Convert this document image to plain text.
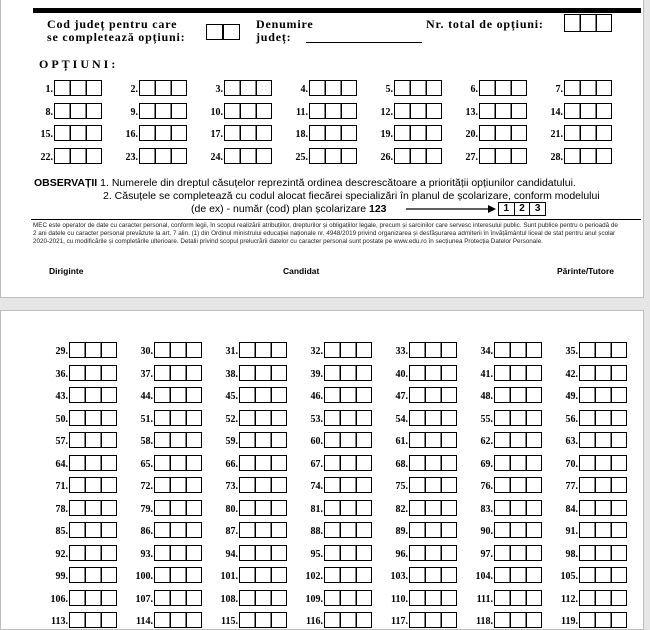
Cod județ pentru care
se completează opțiuni:
Denumire
județ:
Nr. total de opțiuni:
OPȚIUNI:
1.	2.	3.	4.	5.	6.	7.
8.	9.	10.	11.	12.	13.	14.
15.	16.	17.	18.	19.	20.	21.
22.	23.	24.	25.	26.	27.	28.
OBSERVAȚII 1. Numerele din dreptul căsuțelor reprezintă ordinea descrescătoare a priorității opțiunilor candidatului.
2. Căsuțele se completează cu codul alocat fiecărei specializări în planul de școlarizare, conform modelului
(de ex) - număr (cod) plan școlarizare 123	1	2	3
MEC este operator de date cu caracter personal, conform legii, în scopul realizării atribuțiilor, drepturilor și obligațiilor legale, precum și sarcinilor care servesc interesului public. Sunt publice pentru o perioadă de 2 ani datele cu caracter personal prevăzute la art. 7 alin. (1) din Ordinul ministrului educației naționale nr. 4948/2019 privind organizarea și desfășurarea admiterii în învățământul liceal de stat pentru anul școlar 2020-2021, cu modificările și completările ulterioare. Detalii privind scopul prelucrării datelor cu caracter personal sunt postate pe www.edu.ro în secțiunea Protecția Datelor Personale.
Diriginte	Candidat	Părinte/Tutore
29.	30.	31.	32.	33.	34.	35.
36.	37.	38.	39.	40.	41.	42.
43.	44.	45.	46.	47.	48.	49.
50.	51.	52.	53.	54.	55.	56.
57.	58.	59.	60.	61.	62.	63.
64.	65.	66.	67.	68.	69.	70.
71.	72.	73.	74.	75.	76.	77.
78.	79.	80.	81.	82.	83.	84.
85.	86.	87.	88.	89.	90.	91.
92.	93.	94.	95.	96.	97.	98.
99.	100.	101.	102.	103.	104.	105.
106.	107.	108.	109.	110.	111.	112.
113.	114.	115.	116.	117.	118.	119.
